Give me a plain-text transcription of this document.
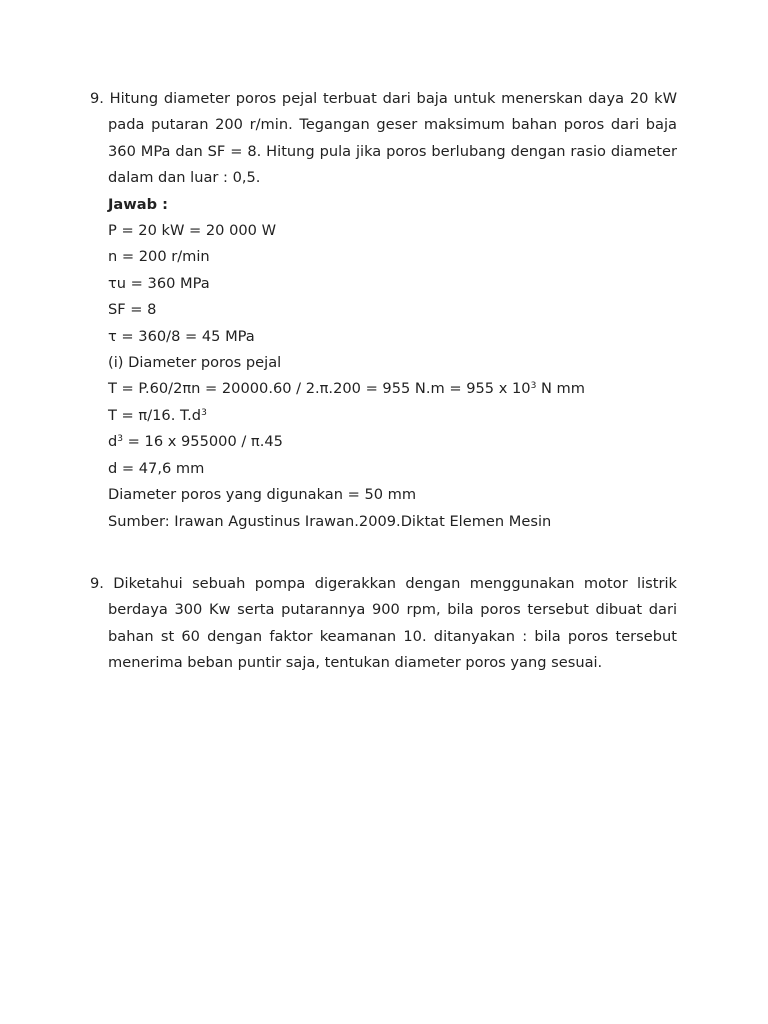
9. Hitung diameter poros pejal terbuat dari baja untuk menerskan daya 20 kW pada putaran 200 r/min. Tegangan geser maksimum bahan poros dari baja 360 MPa dan SF = 8. Hitung pula jika poros berlubang dengan rasio diameter dalam dan luar : 0,5.
Jawab :
P = 20 kW = 20 000 W
n = 200 r/min
τu = 360 MPa
SF = 8
τ = 360/8 = 45 MPa
(i) Diameter poros pejal
T = P.60/2πn = 20000.60 / 2.π.200 = 955 N.m = 955 x $10^3$ N mm
T = π/16. $T.d^3$
$d^3 = 16$ x 955000 / π.45
d = 47,6 mm
Diameter poros yang digunakan = 50 mm
Sumber: Irawan Agustinus Irawan.2009.Diktat Elemen Mesin
9. Diketahui sebuah pompa digerakkan dengan menggunakan motor listrik berdaya 300 Kw serta putarannya 900 rpm, bila poros tersebut dibuat dari bahan st 60 dengan faktor keamanan 10. ditanyakan : bila poros tersebut menerima beban puntir saja, tentukan diameter poros yang sesuai.
